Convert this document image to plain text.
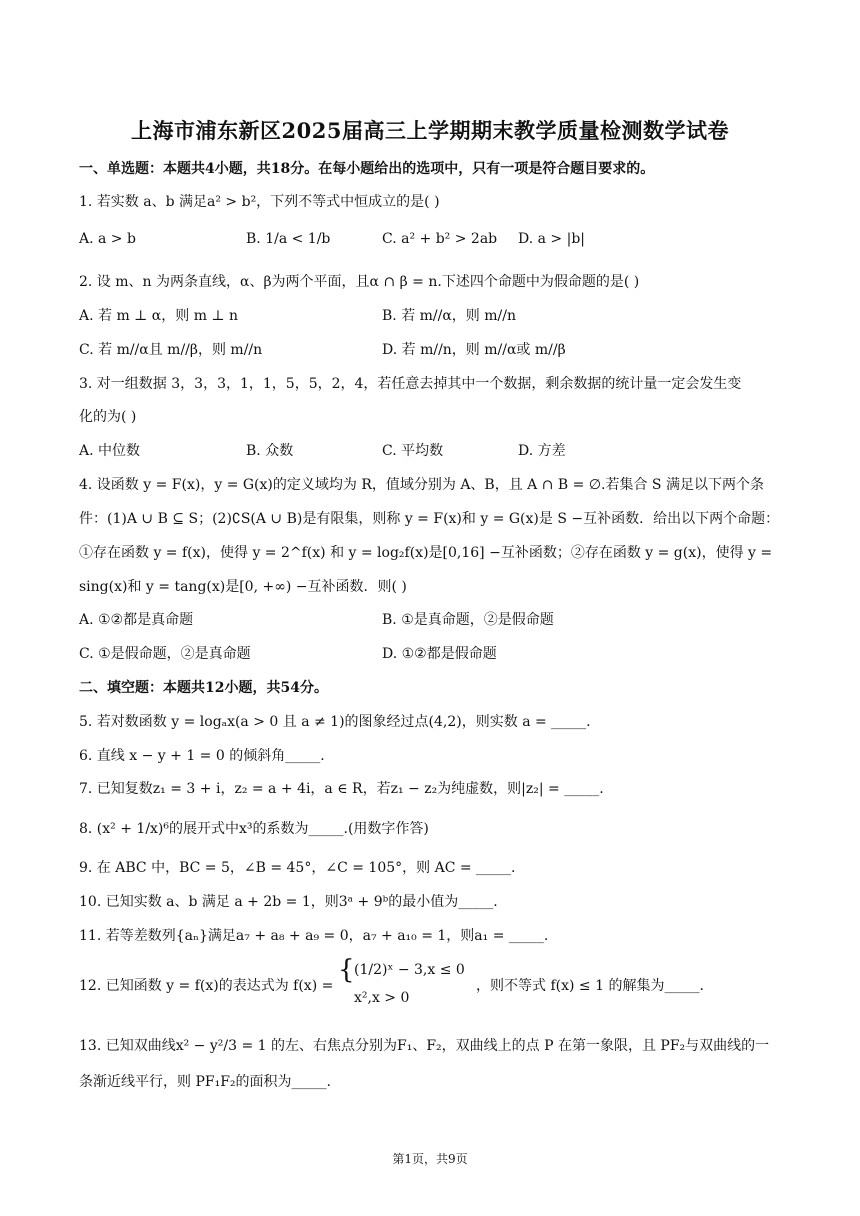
上海市浦东新区2025届高三上学期期末教学质量检测数学试卷
一、单选题：本题共4小题，共18分。在每小题给出的选项中，只有一项是符合题目要求的。
1. 若实数 a、b 满足a² > b²，下列不等式中恒成立的是( )
A. a > b	B. 1/a < 1/b	C. a² + b² > 2ab D. a > |b|
2. 设 m、n 为两条直线，α、β为两个平面，且α ∩ β = n.下述四个命题中为假命题的是( )
A. 若 m ⊥ α，则 m ⊥ n	B. 若 m//α，则 m//n
C. 若 m//α且 m//β，则 m//n	D. 若 m//n，则 m//α或 m//β
3. 对一组数据 3，3，3，1，1，5，5，2，4，若任意去掉其中一个数据，剩余数据的统计量一定会发生变
化的为( )
A. 中位数	B. 众数	C. 平均数	D. 方差
4. 设函数 y = F(x)，y = G(x)的定义域均为 R，值域分别为 A、B，且 A ∩ B = ∅.若集合 S 满足以下两个条
件：(1)A ∪ B ⊆ S；(2)∁S(A ∪ B)是有限集，则称 y = F(x)和 y = G(x)是 S −互补函数．给出以下两个命题：
①存在函数 y = f(x)，使得 y = 2^f(x) 和 y = log₂f(x)是[0,16] −互补函数；②存在函数 y = g(x)，使得 y =
sing(x)和 y = tang(x)是[0, +∞) −互补函数．则( )
A. ①②都是真命题	B. ①是真命题，②是假命题
C. ①是假命题，②是真命题	D. ①②都是假命题
二、填空题：本题共12小题，共54分。
5. 若对数函数 y = logₐx(a > 0 且 a ≠ 1)的图象经过点(4,2)，则实数 a = _____.
6. 直线 x − y + 1 = 0 的倾斜角_____.
7. 已知复数z₁ = 3 + i，z₂ = a + 4i，a ∈ R，若z₁ − z₂为纯虚数，则|z₂| = _____.
8. (x² + 1/x)⁶的展开式中x³的系数为_____.(用数字作答)
9. 在 ABC 中，BC = 5，∠B = 45°，∠C = 105°，则 AC = _____.
10. 已知实数 a、b 满足 a + 2b = 1，则3ᵃ + 9ᵇ的最小值为_____.
11. 若等差数列{aₙ}满足a₇ + a₈ + a₉ = 0，a₇ + a₁₀ = 1，则a₁ = _____.
12. 已知函数 y = f(x)的表达式为 f(x) =
{ (1/2)ˣ − 3,x ≤ 0
x²,x > 0
，则不等式 f(x) ≤ 1 的解集为_____.
13. 已知双曲线x² − y²/3 = 1 的左、右焦点分别为F₁、F₂，双曲线上的点 P 在第一象限，且 PF₂与双曲线的一
条渐近线平行，则 PF₁F₂的面积为_____.
第1页，共9页
